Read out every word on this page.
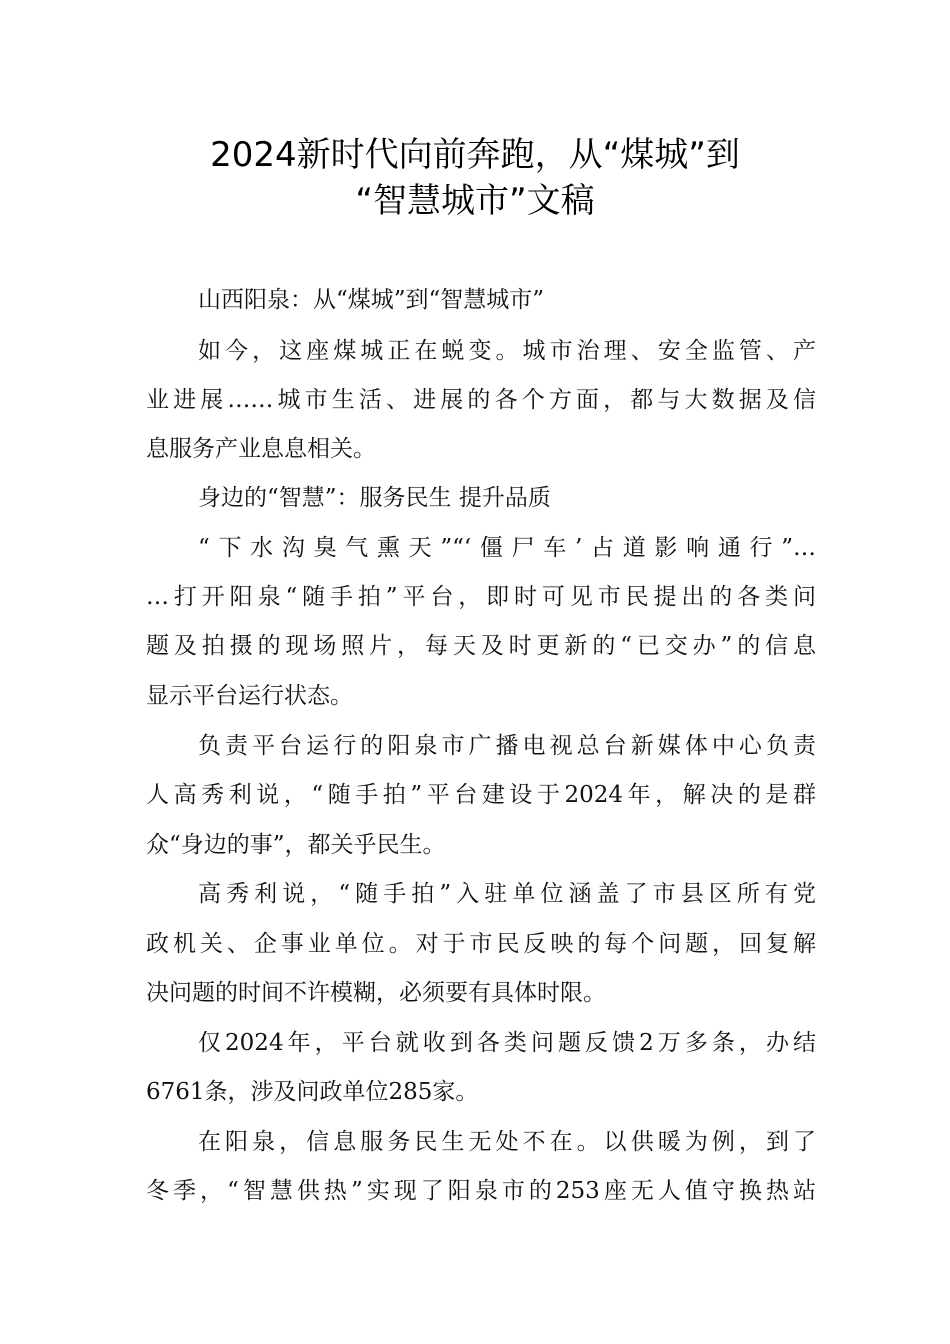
2024新时代向前奔跑，从“煤城”到
“智慧城市”文稿
山西阳泉：从“煤城”到“智慧城市”
如今，这座煤城正在蜕变。城市治理、安全监管、产
业进展……城市生活、进展的各个方面，都与大数据及信
息服务产业息息相关。
身边的“智慧”：服务民生 提升品质
“下水沟臭气熏天”“‘僵尸车’占道影响通行”…
…打开阳泉“随手拍”平台，即时可见市民提出的各类问
题及拍摄的现场照片，每天及时更新的“已交办”的信息
显示平台运行状态。
负责平台运行的阳泉市广播电视总台新媒体中心负责
人高秀利说，“随手拍”平台建设于2024年，解决的是群
众“身边的事”，都关乎民生。
高秀利说，“随手拍”入驻单位涵盖了市县区所有党
政机关、企事业单位。对于市民反映的每个问题，回复解
决问题的时间不许模糊，必须要有具体时限。
仅2024年，平台就收到各类问题反馈2万多条，办结
6761条，涉及问政单位285家。
在阳泉，信息服务民生无处不在。以供暖为例，到了
冬季，“智慧供热”实现了阳泉市的253座无人值守换热站
